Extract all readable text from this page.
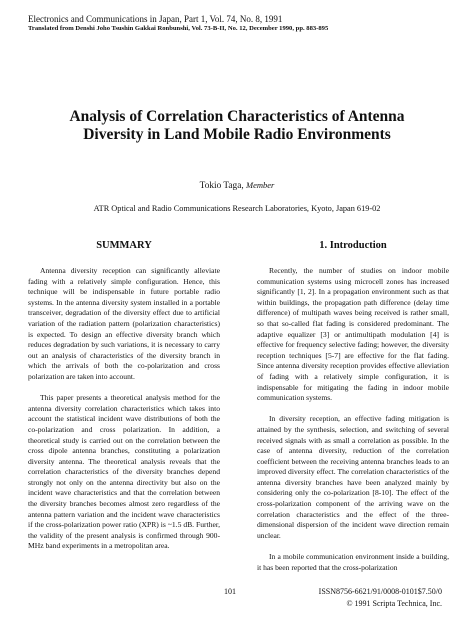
Electronics and Communications in Japan, Part 1, Vol. 74, No. 8, 1991
Translated from Denshi Joho Tsushin Gakkai Ronbunshi, Vol. 73-B-II, No. 12, December 1990, pp. 883-895
Analysis of Correlation Characteristics of Antenna
Diversity in Land Mobile Radio Environments
Tokio Taga, Member
ATR Optical and Radio Communications Research Laboratories, Kyoto, Japan 619-02
SUMMARY	1. Introduction

Antenna diversity reception can significantly alleviate fading with a relatively simple configuration. Hence, this technique will be indispensable in future portable radio systems. In the antenna diversity system installed in a portable transceiver, degradation of the diversity effect due to artificial variation of the radiation pattern (polarization characteristics) is expected. To design an effective diversity branch which reduces degradation by such variations, it is necessary to carry out an analysis of characteristics of the diversity branch in which the arrivals of both the co-polarization and cross polarization are taken into account.

This paper presents a theoretical analysis method for the antenna diversity correlation characteristics which takes into account the statistical incident wave distributions of both the co-polarization and cross polarization. In addition, a theoretical study is carried out on the correlation between the cross dipole antenna branches, constituting a polarization diversity antenna. The theoretical analysis reveals that the correlation characteristics of the diversity branches depend strongly not only on the antenna directivity but also on the incident wave characteristics and that the correlation between the diversity branches becomes almost zero regardless of the antenna pattern variation and the incident wave characteristics if the cross-polarization power ratio (XPR) is ~1.5 dB. Further, the validity of the present analysis is confirmed through 900-MHz band experiments in a metropolitan area.

Recently, the number of studies on indoor mobile communication systems using microcell zones has increased significantly [1, 2]. In a propagation environment such as that within buildings, the propagation path difference (delay time difference) of multipath waves being received is rather small, so that so-called flat fading is considered predominant. The adaptive equalizer [3] or antimultipath modulation [4] is effective for frequency selective fading; however, the diversity reception techniques [5-7] are effective for the flat fading. Since antenna diversity reception provides effective alleviation of fading with a relatively simple configuration, it is indispensable for mitigating the fading in indoor mobile communication systems.

In diversity reception, an effective fading mitigation is attained by the synthesis, selection, and switching of several received signals with as small a correlation as possible. In the case of antenna diversity, reduction of the correlation coefficient between the receiving antenna branches leads to an improved diversity effect. The correlation characteristics of the antenna diversity branches have been analyzed mainly by considering only the co-polarization [8-10]. The effect of the cross-polarization component of the arriving wave on the correlation characteristics and the effect of the three-dimensional dispersion of the incident wave direction remain unclear.

In a mobile communication environment inside a building, it has been reported that the cross-polarization

101	ISSN8756-6621/91/0008-0101$7.50/0
© 1991 Scripta Technica, Inc.
